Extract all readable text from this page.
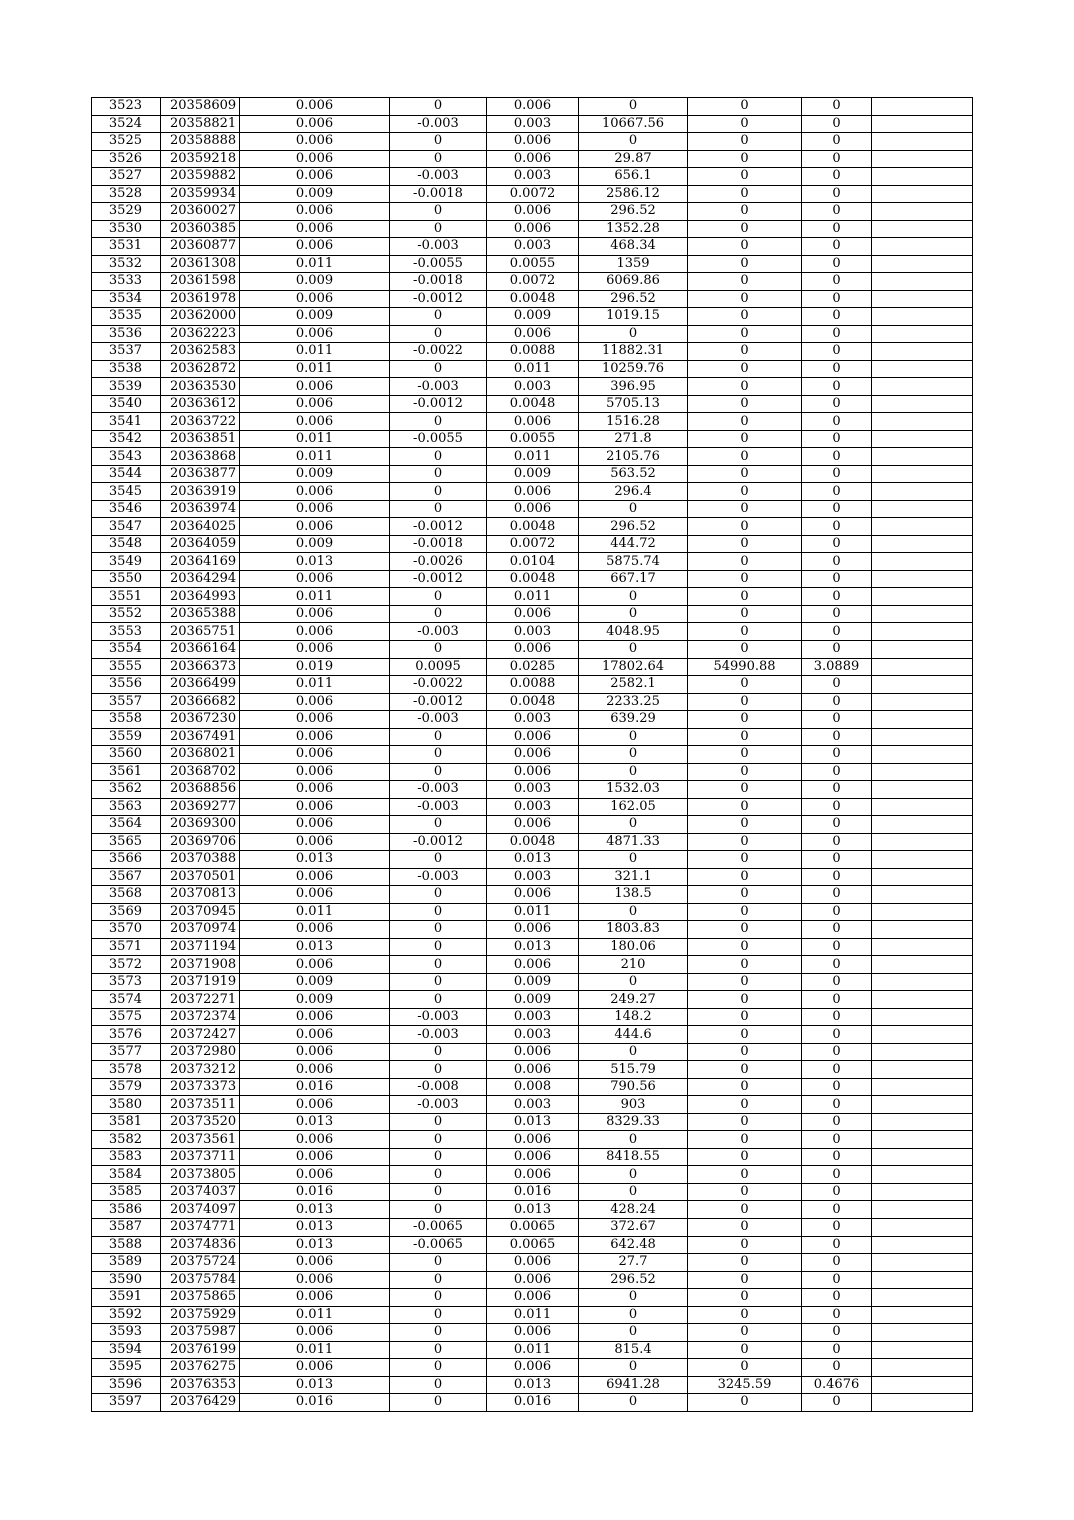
3523	20358609	0.006	0	0.006	0	0	0	
3524	20358821	0.006	-0.003	0.003	10667.56	0	0	
3525	20358888	0.006	0	0.006	0	0	0	
3526	20359218	0.006	0	0.006	29.87	0	0	
3527	20359882	0.006	-0.003	0.003	656.1	0	0	
3528	20359934	0.009	-0.0018	0.0072	2586.12	0	0	
3529	20360027	0.006	0	0.006	296.52	0	0	
3530	20360385	0.006	0	0.006	1352.28	0	0	
3531	20360877	0.006	-0.003	0.003	468.34	0	0	
3532	20361308	0.011	-0.0055	0.0055	1359	0	0	
3533	20361598	0.009	-0.0018	0.0072	6069.86	0	0	
3534	20361978	0.006	-0.0012	0.0048	296.52	0	0	
3535	20362000	0.009	0	0.009	1019.15	0	0	
3536	20362223	0.006	0	0.006	0	0	0	
3537	20362583	0.011	-0.0022	0.0088	11882.31	0	0	
3538	20362872	0.011	0	0.011	10259.76	0	0	
3539	20363530	0.006	-0.003	0.003	396.95	0	0	
3540	20363612	0.006	-0.0012	0.0048	5705.13	0	0	
3541	20363722	0.006	0	0.006	1516.28	0	0	
3542	20363851	0.011	-0.0055	0.0055	271.8	0	0	
3543	20363868	0.011	0	0.011	2105.76	0	0	
3544	20363877	0.009	0	0.009	563.52	0	0	
3545	20363919	0.006	0	0.006	296.4	0	0	
3546	20363974	0.006	0	0.006	0	0	0	
3547	20364025	0.006	-0.0012	0.0048	296.52	0	0	
3548	20364059	0.009	-0.0018	0.0072	444.72	0	0	
3549	20364169	0.013	-0.0026	0.0104	5875.74	0	0	
3550	20364294	0.006	-0.0012	0.0048	667.17	0	0	
3551	20364993	0.011	0	0.011	0	0	0	
3552	20365388	0.006	0	0.006	0	0	0	
3553	20365751	0.006	-0.003	0.003	4048.95	0	0	
3554	20366164	0.006	0	0.006	0	0	0	
3555	20366373	0.019	0.0095	0.0285	17802.64	54990.88	3.0889	
3556	20366499	0.011	-0.0022	0.0088	2582.1	0	0	
3557	20366682	0.006	-0.0012	0.0048	2233.25	0	0	
3558	20367230	0.006	-0.003	0.003	639.29	0	0	
3559	20367491	0.006	0	0.006	0	0	0	
3560	20368021	0.006	0	0.006	0	0	0	
3561	20368702	0.006	0	0.006	0	0	0	
3562	20368856	0.006	-0.003	0.003	1532.03	0	0	
3563	20369277	0.006	-0.003	0.003	162.05	0	0	
3564	20369300	0.006	0	0.006	0	0	0	
3565	20369706	0.006	-0.0012	0.0048	4871.33	0	0	
3566	20370388	0.013	0	0.013	0	0	0	
3567	20370501	0.006	-0.003	0.003	321.1	0	0	
3568	20370813	0.006	0	0.006	138.5	0	0	
3569	20370945	0.011	0	0.011	0	0	0	
3570	20370974	0.006	0	0.006	1803.83	0	0	
3571	20371194	0.013	0	0.013	180.06	0	0	
3572	20371908	0.006	0	0.006	210	0	0	
3573	20371919	0.009	0	0.009	0	0	0	
3574	20372271	0.009	0	0.009	249.27	0	0	
3575	20372374	0.006	-0.003	0.003	148.2	0	0	
3576	20372427	0.006	-0.003	0.003	444.6	0	0	
3577	20372980	0.006	0	0.006	0	0	0	
3578	20373212	0.006	0	0.006	515.79	0	0	
3579	20373373	0.016	-0.008	0.008	790.56	0	0	
3580	20373511	0.006	-0.003	0.003	903	0	0	
3581	20373520	0.013	0	0.013	8329.33	0	0	
3582	20373561	0.006	0	0.006	0	0	0	
3583	20373711	0.006	0	0.006	8418.55	0	0	
3584	20373805	0.006	0	0.006	0	0	0	
3585	20374037	0.016	0	0.016	0	0	0	
3586	20374097	0.013	0	0.013	428.24	0	0	
3587	20374771	0.013	-0.0065	0.0065	372.67	0	0	
3588	20374836	0.013	-0.0065	0.0065	642.48	0	0	
3589	20375724	0.006	0	0.006	27.7	0	0	
3590	20375784	0.006	0	0.006	296.52	0	0	
3591	20375865	0.006	0	0.006	0	0	0	
3592	20375929	0.011	0	0.011	0	0	0	
3593	20375987	0.006	0	0.006	0	0	0	
3594	20376199	0.011	0	0.011	815.4	0	0	
3595	20376275	0.006	0	0.006	0	0	0	
3596	20376353	0.013	0	0.013	6941.28	3245.59	0.4676	
3597	20376429	0.016	0	0.016	0	0	0	
